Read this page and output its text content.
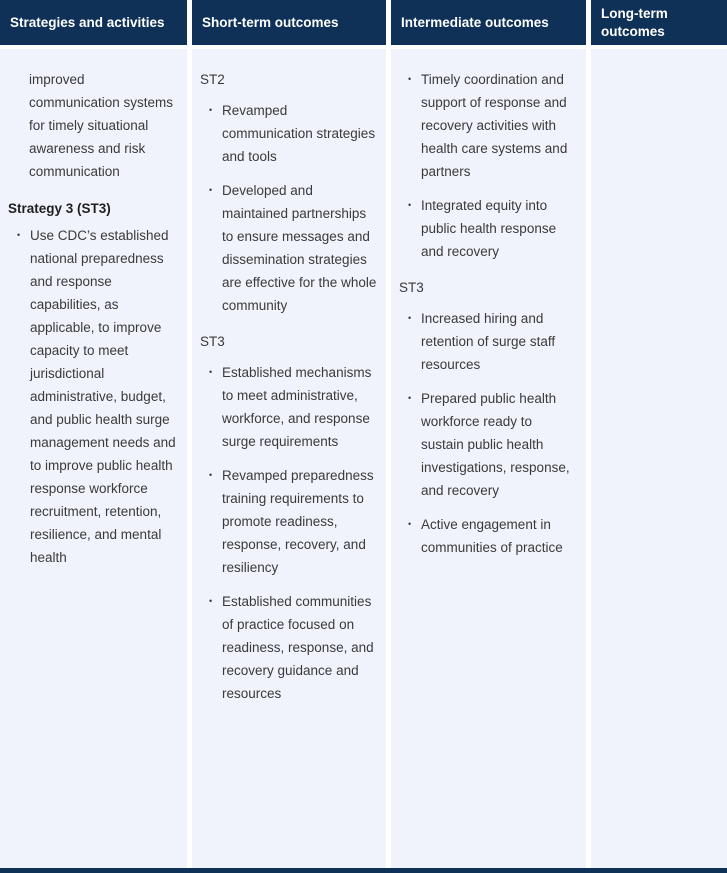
Strategies and activities	Short-term outcomes	Intermediate outcomes
Long-term outcomes
improved communication systems for timely situational awareness and risk communication
Strategy 3 (ST3)
• Use CDC’s established national preparedness and response capabilities, as applicable, to improve capacity to meet jurisdictional administrative, budget, and public health surge management needs and to improve public health response workforce recruitment, retention, resilience, and mental health
ST2
• Revamped communication strategies and tools
• Developed and maintained partnerships to ensure messages and dissemination strategies are effective for the whole community
ST3
• Established mechanisms to meet administrative, workforce, and response surge requirements
• Revamped preparedness training requirements to promote readiness, response, recovery, and resiliency
• Established communities of practice focused on readiness, response, and recovery guidance and resources
• Timely coordination and support of response and recovery activities with health care systems and partners
• Integrated equity into public health response and recovery
ST3
• Increased hiring and retention of surge staff resources
• Prepared public health workforce ready to sustain public health investigations, response, and recovery
• Active engagement in communities of practice
